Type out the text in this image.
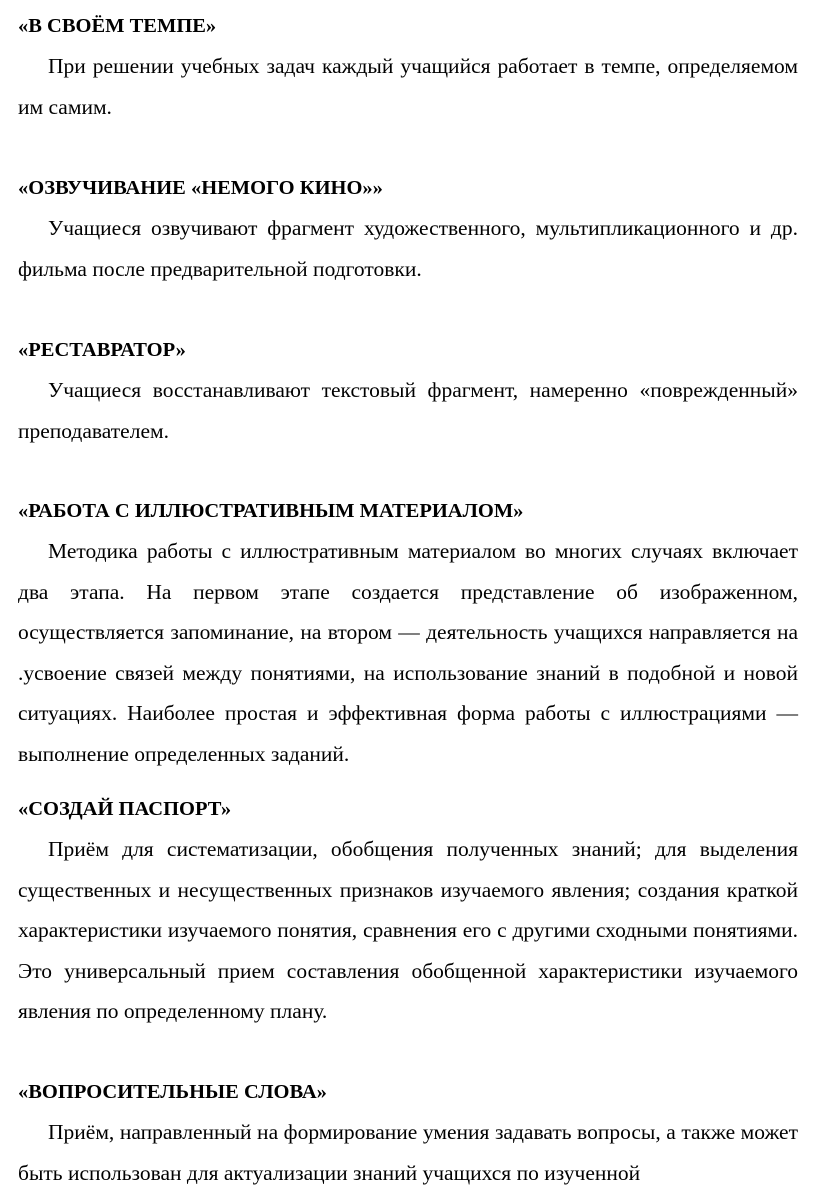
«В СВОЁМ ТЕМПЕ»

При решении учебных задач каждый учащийся работает в темпе, определяемом им самим.

«ОЗВУЧИВАНИЕ «НЕМОГО КИНО»»

Учащиеся озвучивают фрагмент художественного, мультипликационного и др. фильма после предварительной подготовки.

«РЕСТАВРАТОР»

Учащиеся восстанавливают текстовый фрагмент, намеренно «поврежденный» преподавателем.

«РАБОТА С ИЛЛЮСТРАТИВНЫМ МАТЕРИАЛОМ»

Методика работы с иллюстративным материалом во многих случаях включает два этапа. На первом этапе создается представление об изображенном, осуществляется запоминание, на втором — деятельность учащихся направляется на .усвоение связей между понятиями, на использование знаний в подобной и новой ситуациях. Наиболее простая и эффективная форма работы с иллюстрациями — выполнение определенных заданий.

«СОЗДАЙ ПАСПОРТ»

Приём для систематизации, обобщения полученных знаний; для выделения существенных и несущественных признаков изучаемого явления; создания краткой характеристики изучаемого понятия, сравнения его с другими сходными понятиями. Это универсальный прием составления обобщенной характеристики изучаемого явления по определенному плану.

«ВОПРОСИТЕЛЬНЫЕ СЛОВА»

Приём, направленный на формирование умения задавать вопросы, а также может быть использован для актуализации знаний учащихся по изученной
